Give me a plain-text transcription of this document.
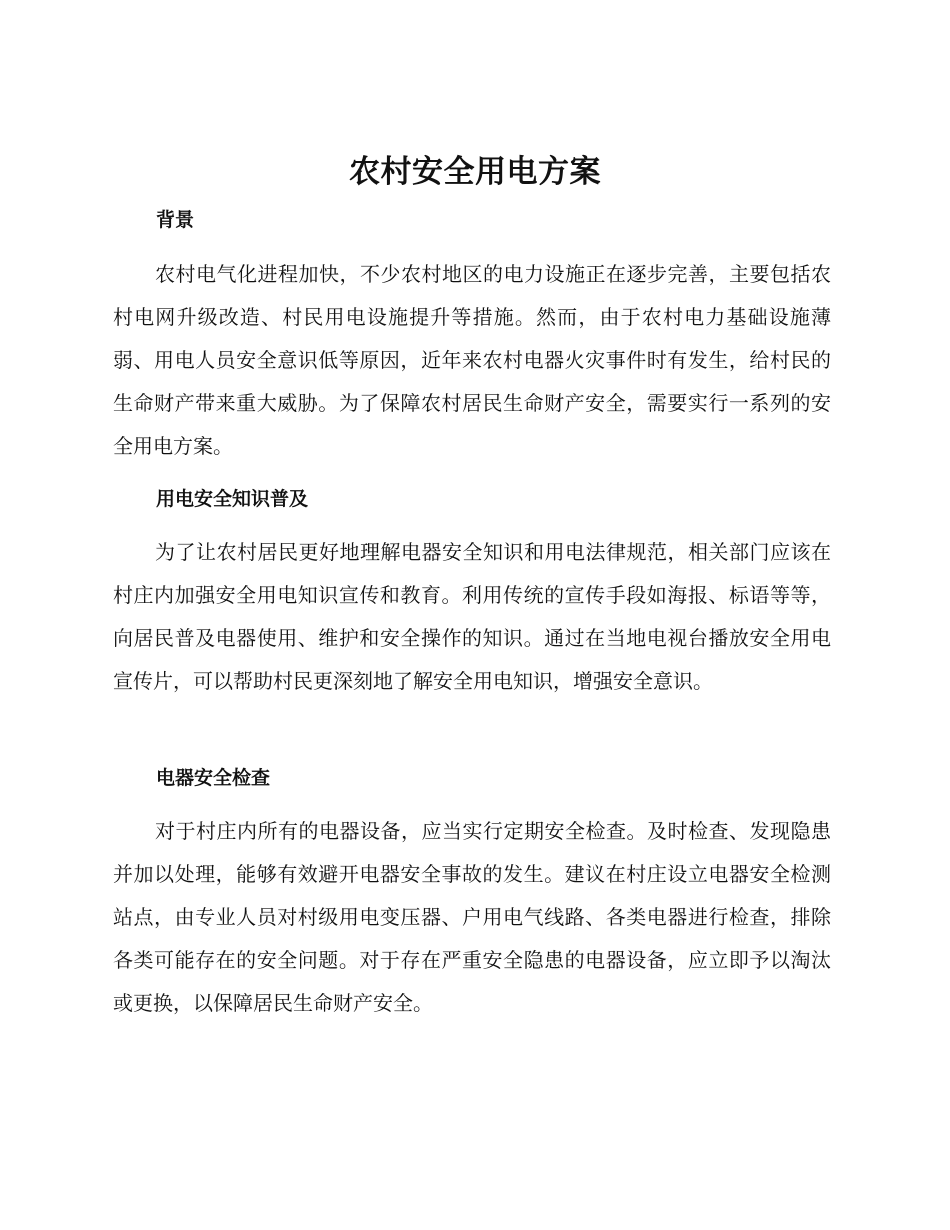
农村安全用电方案
背景

农村电气化进程加快，不少农村地区的电力设施正在逐步完善，主要包括农村电网升级改造、村民用电设施提升等措施。然而，由于农村电力基础设施薄弱、用电人员安全意识低等原因，近年来农村电器火灾事件时有发生，给村民的生命财产带来重大威胁。为了保障农村居民生命财产安全，需要实行一系列的安全用电方案。

用电安全知识普及

为了让农村居民更好地理解电器安全知识和用电法律规范，相关部门应该在村庄内加强安全用电知识宣传和教育。利用传统的宣传手段如海报、标语等等，向居民普及电器使用、维护和安全操作的知识。通过在当地电视台播放安全用电宣传片，可以帮助村民更深刻地了解安全用电知识，增强安全意识。

电器安全检查

对于村庄内所有的电器设备，应当实行定期安全检查。及时检查、发现隐患并加以处理，能够有效避开电器安全事故的发生。建议在村庄设立电器安全检测站点，由专业人员对村级用电变压器、户用电气线路、各类电器进行检查，排除各类可能存在的安全问题。对于存在严重安全隐患的电器设备，应立即予以淘汰或更换，以保障居民生命财产安全。
